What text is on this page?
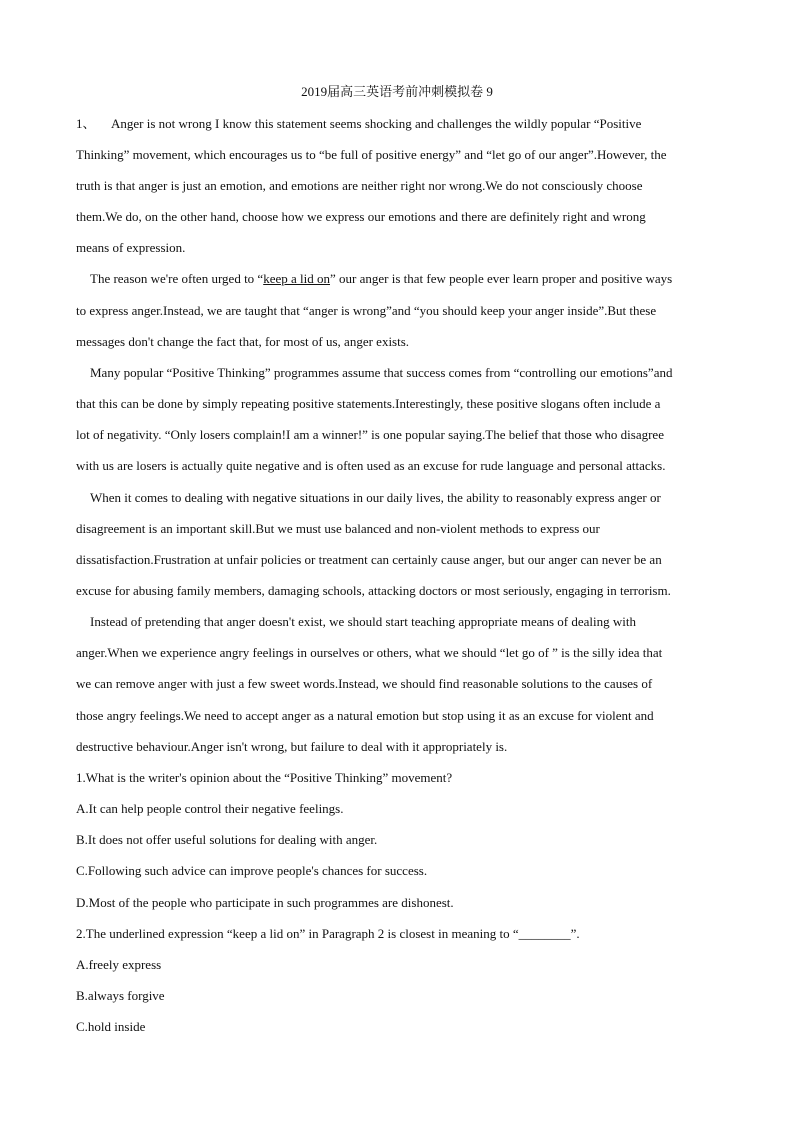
2019届高三英语考前冲刺模拟卷 9
1、 Anger is not wrong I know this statement seems shocking and challenges the wildly popular “Positive
Thinking” movement, which encourages us to “be full of positive energy” and “let go of our anger”.However, the
truth is that anger is just an emotion, and emotions are neither right nor wrong.We do not consciously choose
them.We do, on the other hand, choose how we express our emotions and there are definitely right and wrong
means of expression.
The reason we're often urged to “keep a lid on” our anger is that few people ever learn proper and positive ways
to express anger.Instead, we are taught that “anger is wrong”and “you should keep your anger inside”.But these
messages don't change the fact that, for most of us, anger exists.
Many popular “Positive Thinking” programmes assume that success comes from “controlling our emotions”and
that this can be done by simply repeating positive statements.Interestingly, these positive slogans often include a
lot of negativity. “Only losers complain!I am a winner!” is one popular saying.The belief that those who disagree
with us are losers is actually quite negative and is often used as an excuse for rude language and personal attacks.
When it comes to dealing with negative situations in our daily lives, the ability to reasonably express anger or
disagreement is an important skill.But we must use balanced and non-violent methods to express our
dissatisfaction.Frustration at unfair policies or treatment can certainly cause anger, but our anger can never be an
excuse for abusing family members, damaging schools, attacking doctors or most seriously, engaging in terrorism.
Instead of pretending that anger doesn't exist, we should start teaching appropriate means of dealing with
anger.When we experience angry feelings in ourselves or others, what we should “let go of ” is the silly idea that
we can remove anger with just a few sweet words.Instead, we should find reasonable solutions to the causes of
those angry feelings.We need to accept anger as a natural emotion but stop using it as an excuse for violent and
destructive behaviour.Anger isn't wrong, but failure to deal with it appropriately is.
1.What is the writer's opinion about the “Positive Thinking” movement?
A.It can help people control their negative feelings.
B.It does not offer useful solutions for dealing with anger.
C.Following such advice can improve people's chances for success.
D.Most of the people who participate in such programmes are dishonest.
2.The underlined expression “keep a lid on” in Paragraph 2 is closest in meaning to “________”.
A.freely express
B.always forgive
C.hold inside
